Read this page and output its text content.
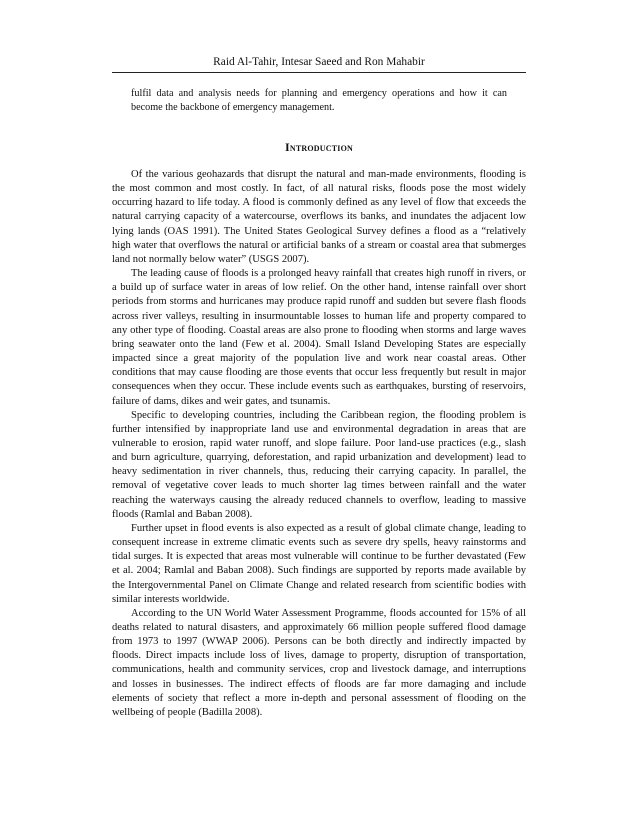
Raid Al-Tahir, Intesar Saeed and Ron Mahabir
fulfil data and analysis needs for planning and emergency operations and how it can become the backbone of emergency management.
Introduction

Of the various geohazards that disrupt the natural and man-made environments, flooding is the most common and most costly. In fact, of all natural risks, floods pose the most widely occurring hazard to life today. A flood is commonly defined as any level of flow that exceeds the natural carrying capacity of a watercourse, overflows its banks, and inundates the adjacent low lying lands (OAS 1991). The United States Geological Survey defines a flood as a “relatively high water that overflows the natural or artificial banks of a stream or coastal area that submerges land not normally below water” (USGS 2007).

The leading cause of floods is a prolonged heavy rainfall that creates high runoff in rivers, or a build up of surface water in areas of low relief. On the other hand, intense rainfall over short periods from storms and hurricanes may produce rapid runoff and sudden but severe flash floods across river valleys, resulting in insurmountable losses to human life and property compared to any other type of flooding. Coastal areas are also prone to flooding when storms and large waves bring seawater onto the land (Few et al. 2004). Small Island Developing States are especially impacted since a great majority of the population live and work near coastal areas. Other conditions that may cause flooding are those events that occur less frequently but result in major consequences when they occur. These include events such as earthquakes, bursting of reservoirs, failure of dams, dikes and weir gates, and tsunamis.

Specific to developing countries, including the Caribbean region, the flooding problem is further intensified by inappropriate land use and environmental degradation in areas that are vulnerable to erosion, rapid water runoff, and slope failure. Poor land-use practices (e.g., slash and burn agriculture, quarrying, deforestation, and rapid urbanization and development) lead to heavy sedimentation in river channels, thus, reducing their carrying capacity. In parallel, the removal of vegetative cover leads to much shorter lag times between rainfall and the water reaching the waterways causing the already reduced channels to overflow, leading to massive floods (Ramlal and Baban 2008).

Further upset in flood events is also expected as a result of global climate change, leading to consequent increase in extreme climatic events such as severe dry spells, heavy rainstorms and tidal surges. It is expected that areas most vulnerable will continue to be further devastated (Few et al. 2004; Ramlal and Baban 2008). Such findings are supported by reports made available by the Intergovernmental Panel on Climate Change and related research from scientific bodies with similar interests worldwide.

According to the UN World Water Assessment Programme, floods accounted for 15% of all deaths related to natural disasters, and approximately 66 million people suffered flood damage from 1973 to 1997 (WWAP 2006). Persons can be both directly and indirectly impacted by floods. Direct impacts include loss of lives, damage to property, disruption of transportation, communications, health and community services, crop and livestock damage, and interruptions and losses in businesses. The indirect effects of floods are far more damaging and include elements of society that reflect a more in-depth and personal assessment of flooding on the wellbeing of people (Badilla 2008).
